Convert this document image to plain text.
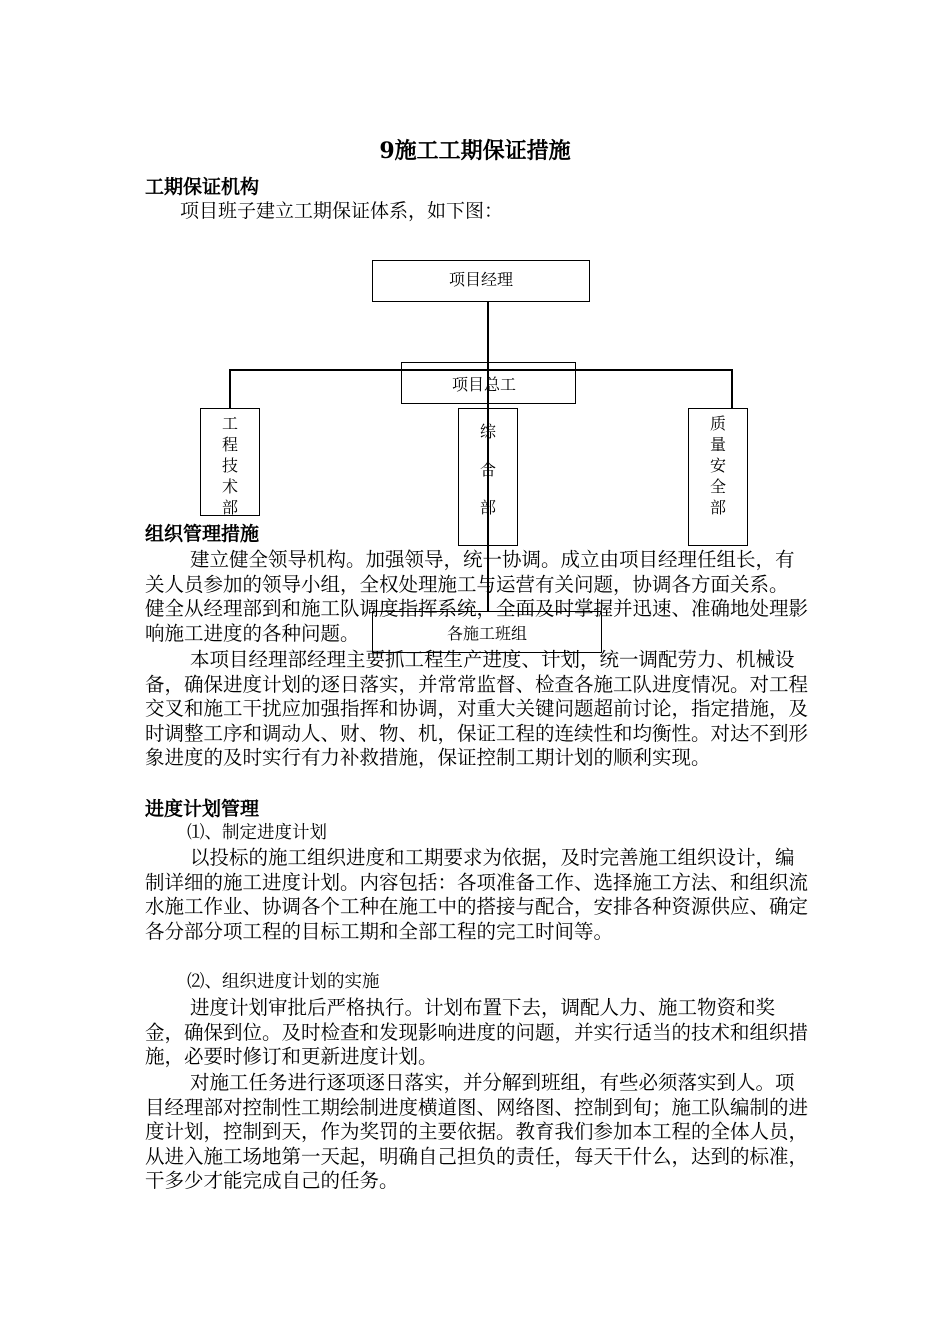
9施工工期保证措施
工期保证机构
项目班子建立工期保证体系，如下图：
项目经理
项目总工
工
程
技
术
部
综
合
部
质
量
安
全
部
各施工班组
组织管理措施

建立健全领导机构。加强领导，统一协调。成立由项目经理任组长，有关人员参加的领导小组，全权处理施工与运营有关问题，协调各方面关系。 健全从经理部到和施工队调度指挥系统，全面及时掌握并迅速、准确地处理影响施工进度的各种问题。

本项目经理部经理主要抓工程生产进度、计划，统一调配劳力、机械设备，确保进度计划的逐日落实，并常常监督、检查各施工队进度情况。对工程交叉和施工干扰应加强指挥和协调，对重大关键问题超前讨论，指定措施，及时调整工序和调动人、财、物、机，保证工程的连续性和均衡性。对达不到形象进度的及时实行有力补救措施，保证控制工期计划的顺利实现。

进度计划管理
⑴、制定进度计划

以投标的施工组织进度和工期要求为依据，及时完善施工组织设计，编制详细的施工进度计划。内容包括：各项准备工作、选择施工方法、和组织流水施工作业、协调各个工种在施工中的搭接与配合，安排各种资源供应、确定各分部分项工程的目标工期和全部工程的完工时间等。

⑵、组织进度计划的实施

进度计划审批后严格执行。计划布置下去，调配人力、施工物资和奖金，确保到位。及时检查和发现影响进度的问题，并实行适当的技术和组织措施，必要时修订和更新进度计划。

对施工任务进行逐项逐日落实，并分解到班组，有些必须落实到人。项目经理部对控制性工期绘制进度横道图、网络图、控制到旬；施工队编制的进度计划，控制到天，作为奖罚的主要依据。教育我们参加本工程的全体人员，从进入施工场地第一天起，明确自己担负的责任，每天干什么，达到的标准，干多少才能完成自己的任务。
